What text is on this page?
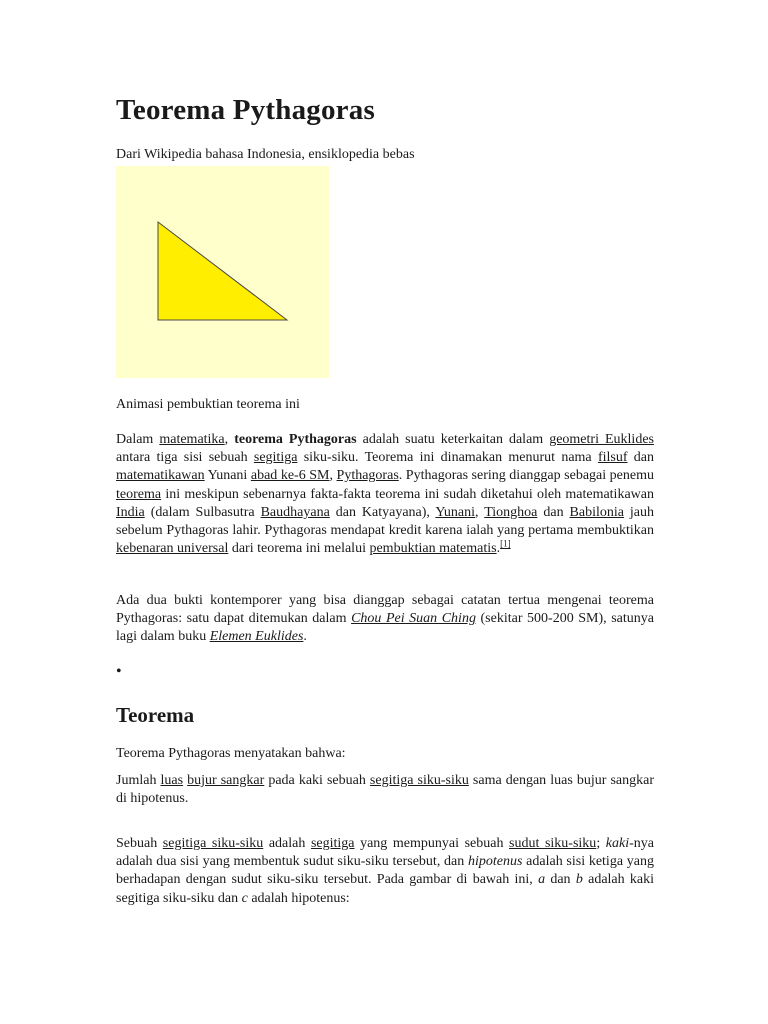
Teorema Pythagoras
Dari Wikipedia bahasa Indonesia, ensiklopedia bebas
Animasi pembuktian teorema ini

Dalam matematika, teorema Pythagoras adalah suatu keterkaitan dalam geometri Euklides antara tiga sisi sebuah segitiga siku-siku. Teorema ini dinamakan menurut nama filsuf dan matematikawan Yunani abad ke-6 SM, Pythagoras. Pythagoras sering dianggap sebagai penemu teorema ini meskipun sebenarnya fakta-fakta teorema ini sudah diketahui oleh matematikawan India (dalam Sulbasutra Baudhayana dan Katyayana), Yunani, Tionghoa dan Babilonia jauh sebelum Pythagoras lahir. Pythagoras mendapat kredit karena ialah yang pertama membuktikan kebenaran universal dari teorema ini melalui pembuktian matematis.[1]

Ada dua bukti kontemporer yang bisa dianggap sebagai catatan tertua mengenai teorema Pythagoras: satu dapat ditemukan dalam Chou Pei Suan Ching (sekitar 500-200 SM), satunya lagi dalam buku Elemen Euklides.

•
Teorema
Teorema Pythagoras menyatakan bahwa:

Jumlah luas bujur sangkar pada kaki sebuah segitiga siku-siku sama dengan luas bujur sangkar di hipotenus.

Sebuah segitiga siku-siku adalah segitiga yang mempunyai sebuah sudut siku-siku; kaki-nya adalah dua sisi yang membentuk sudut siku-siku tersebut, dan hipotenus adalah sisi ketiga yang berhadapan dengan sudut siku-siku tersebut. Pada gambar di bawah ini, a dan b adalah kaki segitiga siku-siku dan c adalah hipotenus:
